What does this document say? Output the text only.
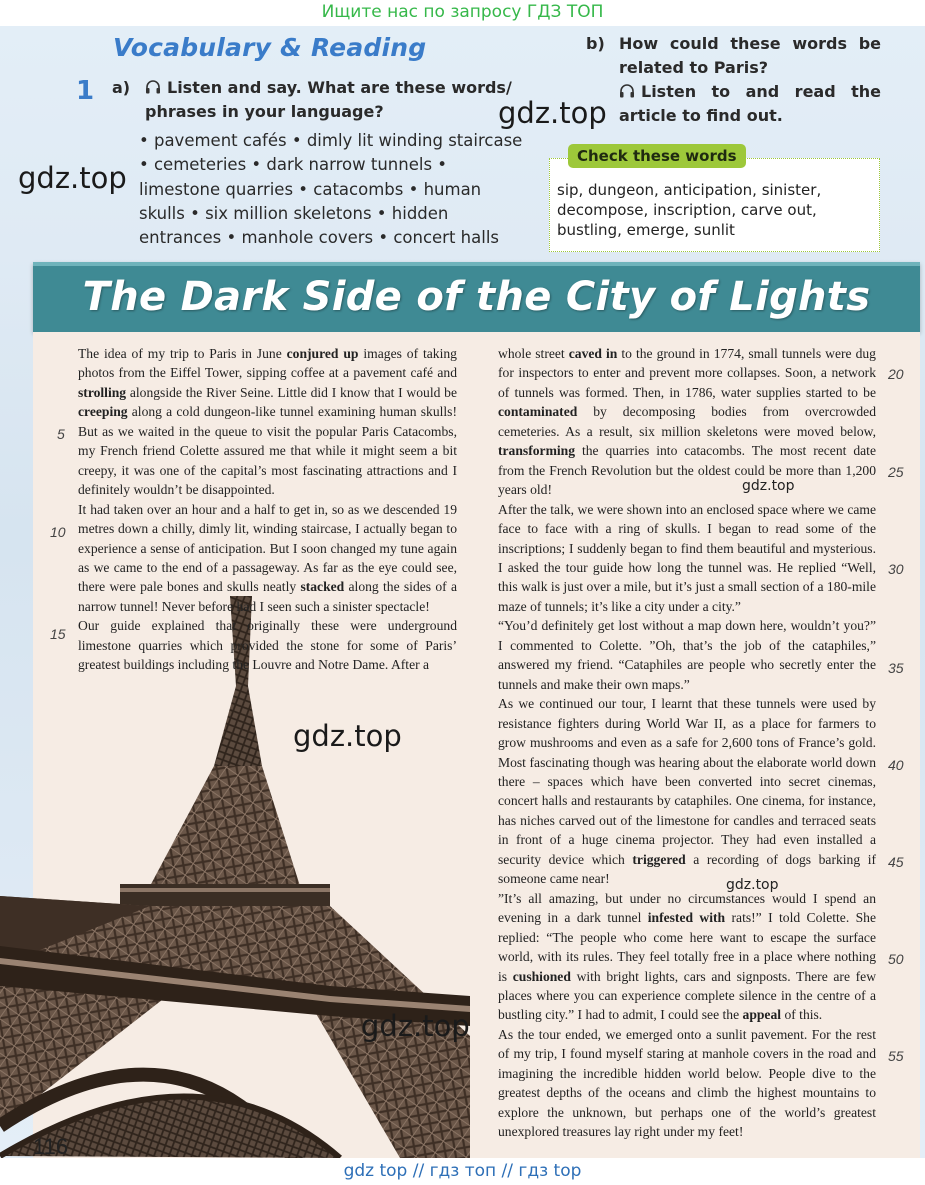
Ищите нас по запросу ГДЗ ТОП
Vocabulary & Reading
1 a)	Listen and say. What are these words/ phrases in your language?
• pavement cafés • dimly lit winding staircase • cemeteries • dark narrow tunnels • limestone quarries • catacombs • human skulls • six million skeletons • hidden entrances • manhole covers • concert halls
b) How could these words be related to Paris?
Listen to and read the article to find out.
Check these words
sip, dungeon, anticipation, sinister, decompose, inscription, carve out, bustling, emerge, sunlit
The Dark Side of the City of Lights

The idea of my trip to Paris in June conjured up images of taking photos from the Eiffel Tower, sipping coffee at a pavement café and strolling alongside the River Seine. Little did I know that I would be creeping along a cold dungeon-like tunnel examining human skulls! But as we waited in the queue to visit the popular Paris Catacombs, my French friend Colette assured me that while it might seem a bit creepy, it was one of the capital’s most fascinating attractions and I definitely wouldn’t be disappointed.

It had taken over an hour and a half to get in, so as we descended 19 metres down a chilly, dimly lit, winding staircase, I actually began to experience a sense of anticipation. But I soon changed my tune again as we came to the end of a passageway. As far as the eye could see, there were pale bones and skulls neatly stacked along the sides of a narrow tunnel! Never before had I seen such a sinister spectacle!

Our guide explained that originally these were underground limestone quarries which provided the stone for some of Paris’ greatest buildings including the Louvre and Notre Dame. After a

whole street caved in to the ground in 1774, small tunnels were dug for inspectors to enter and prevent more collapses. Soon, a network of tunnels was formed. Then, in 1786, water supplies started to be contaminated by decomposing bodies from overcrowded cemeteries. As a result, six million skeletons were moved below, transforming the quarries into catacombs. The most recent date from the French Revolution but the oldest could be more than 1,200 years old!

After the talk, we were shown into an enclosed space where we came face to face with a ring of skulls. I began to read some of the inscriptions; I suddenly began to find them beautiful and mysterious. I asked the tour guide how long the tunnel was. He replied “Well, this walk is just over a mile, but it’s just a small section of a 180-mile maze of tunnels; it’s like a city under a city.”

“You’d definitely get lost without a map down here, wouldn’t you?” I commented to Colette. ”Oh, that’s the job of the cataphiles,” answered my friend. “Cataphiles are people who secretly enter the tunnels and make their own maps.”

As we continued our tour, I learnt that these tunnels were used by resistance fighters during World War II, as a place for farmers to grow mushrooms and even as a safe for 2,600 tons of France’s gold. Most fascinating though was hearing about the elaborate world down there – spaces which have been converted into secret cinemas, concert halls and restaurants by cataphiles. One cinema, for instance, has niches carved out of the limestone for candles and terraced seats in front of a huge cinema projector. They had even installed a security device which triggered a recording of dogs barking if someone came near!

”It’s all amazing, but under no circumstances would I spend an evening in a dark tunnel infested with rats!” I told Colette. She replied: “The people who come here want to escape the surface world, with its rules. They feel totally free in a place where nothing is cushioned with bright lights, cars and signposts. There are few places where you can experience complete silence in the centre of a bustling city.” I had to admit, I could see the appeal of this.

As the tour ended, we emerged onto a sunlit pavement. For the rest of my trip, I found myself staring at manhole covers in the road and imagining the incredible hidden world below. People dive to the greatest depths of the oceans and climb the highest mountains to explore the unknown, but perhaps one of the world’s greatest unexplored treasures lay right under my feet!

5
10
15
20
25
30
35
40
45
50
55
116
gdz.top
gdz.top
gdz.top
gdz.top
gdz.top
gdz.top
gdz top // гдз топ // гдз top
